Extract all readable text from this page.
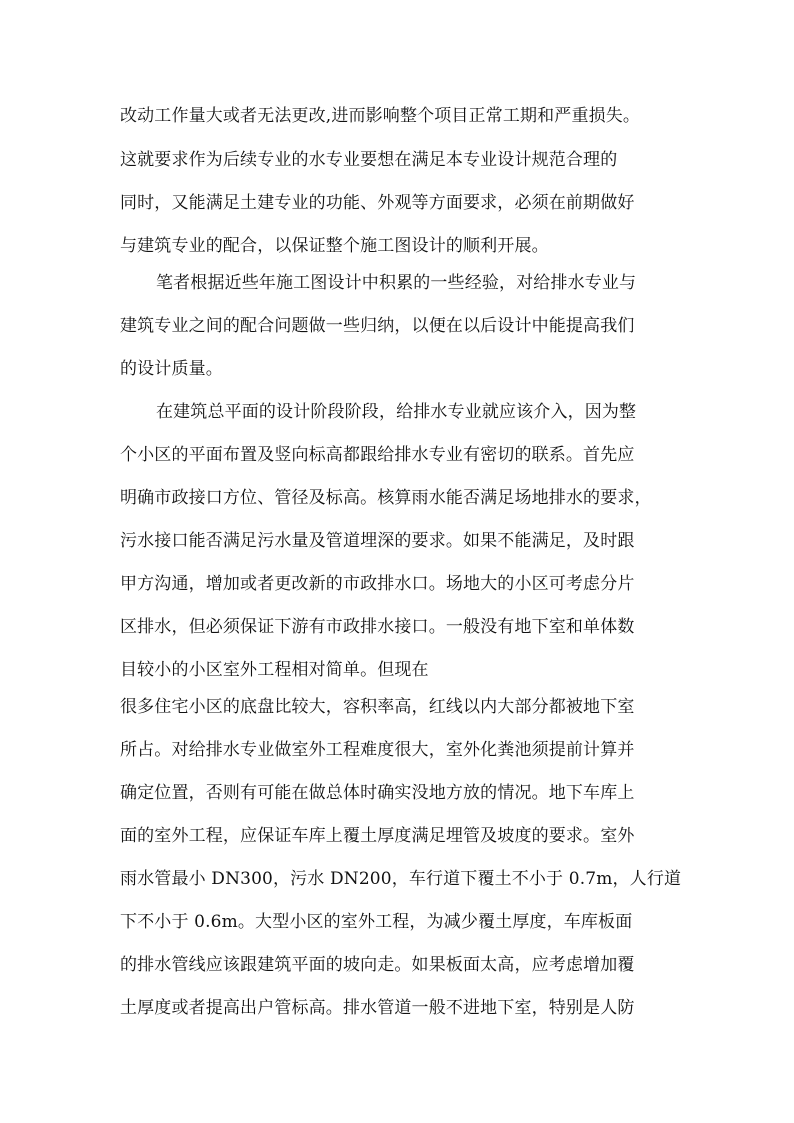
改动工作量大或者无法更改,进而影响整个项目正常工期和严重损失。
这就要求作为后续专业的水专业要想在满足本专业设计规范合理的
同时，又能满足土建专业的功能、外观等方面要求，必须在前期做好
与建筑专业的配合，以保证整个施工图设计的顺利开展。
笔者根据近些年施工图设计中积累的一些经验，对给排水专业与
建筑专业之间的配合问题做一些归纳，以便在以后设计中能提高我们
的设计质量。
在建筑总平面的设计阶段阶段，给排水专业就应该介入，因为整
个小区的平面布置及竖向标高都跟给排水专业有密切的联系。首先应
明确市政接口方位、管径及标高。核算雨水能否满足场地排水的要求，
污水接口能否满足污水量及管道埋深的要求。如果不能满足，及时跟
甲方沟通，增加或者更改新的市政排水口。场地大的小区可考虑分片
区排水，但必须保证下游有市政排水接口。一般没有地下室和单体数
目较小的小区室外工程相对简单。但现在
很多住宅小区的底盘比较大，容积率高，红线以内大部分都被地下室
所占。对给排水专业做室外工程难度很大，室外化粪池须提前计算并
确定位置，否则有可能在做总体时确实没地方放的情况。地下车库上
面的室外工程，应保证车库上覆土厚度满足埋管及坡度的要求。室外
雨水管最小 DN300，污水 DN200，车行道下覆土不小于 0.7m，人行道
下不小于 0.6m。大型小区的室外工程，为减少覆土厚度，车库板面
的排水管线应该跟建筑平面的坡向走。如果板面太高，应考虑增加覆
土厚度或者提高出户管标高。排水管道一般不进地下室，特别是人防
